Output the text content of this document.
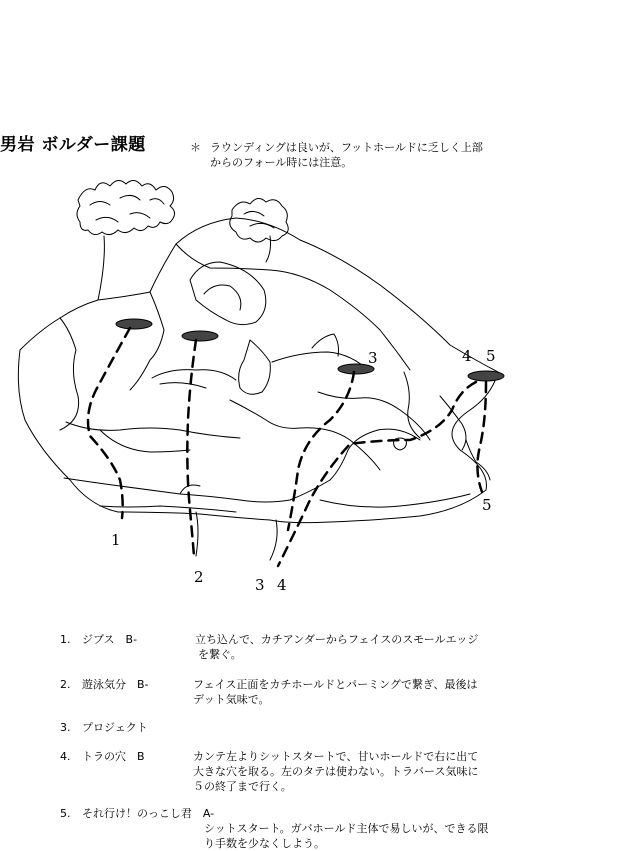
男岩 ボルダー課題	＊ ラウンディングは良いが、フットホールドに乏しく上部
からのフォール時には注意。
1
2
3	4 5
3 4
5
1. ジブス　B-	立ち込んで、カチアンダーからフェイスのスモールエッジ
を繋ぐ。
2. 遊泳気分　B-	フェイス正面をカチホールドとパーミングで繋ぎ、最後は
デット気味で。
3. プロジェクト
4. トラの穴　B	カンテ左よりシットスタートで、甘いホールドで右に出て
大きな穴を取る。左のタテは使わない。トラバース気味に
５の終了まで行く。
5. それ行け！のっこし君　A-
シットスタート。ガバホールド主体で易しいが、できる限
り手数を少なくしよう。
